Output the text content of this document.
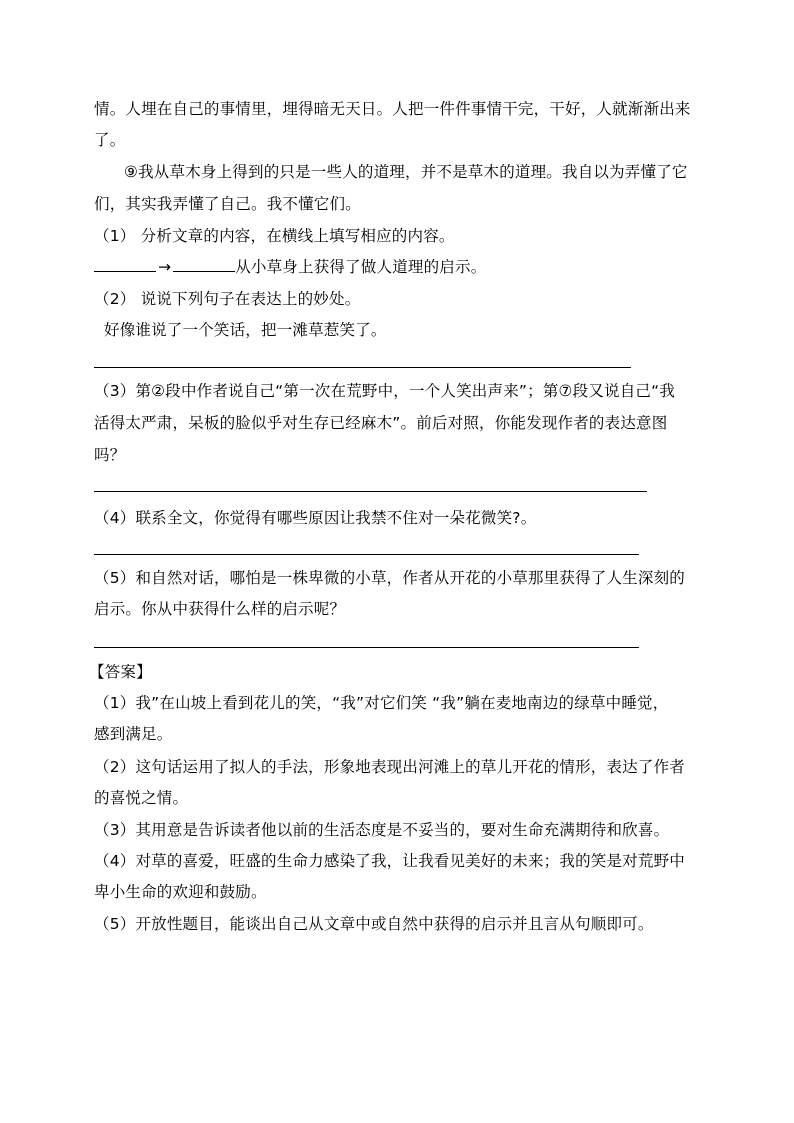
情。人埋在自己的事情里，埋得暗无天日。人把一件件事情干完，干好，人就渐渐出来
了。
⑨我从草木身上得到的只是一些人的道理，并不是草木的道理。我自以为弄懂了它
们，其实我弄懂了自己。我不懂它们。
（1） 分析文章的内容，在横线上填写相应的内容。
→	从小草身上获得了做人道理的启示。
（2） 说说下列句子在表达上的妙处。
好像谁说了一个笑话，把一滩草惹笑了。
（3）第②段中作者说自己“第一次在荒野中，一个人笑出声来”；第⑦段又说自己“我
活得太严肃，呆板的脸似乎对生存已经麻木”。前后对照，你能发现作者的表达意图
吗？
（4）联系全文，你觉得有哪些原因让我禁不住对一朵花微笑?。
（5）和自然对话，哪怕是一株卑微的小草，作者从开花的小草那里获得了人生深刻的
启示。你从中获得什么样的启示呢？
【答案】
（1）我”在山坡上看到花儿的笑，“我”对它们笑 “我”躺在麦地南边的绿草中睡觉，
感到满足。
（2）这句话运用了拟人的手法，形象地表现出河滩上的草儿开花的情形，表达了作者
的喜悦之情。
（3）其用意是告诉读者他以前的生活态度是不妥当的，要对生命充满期待和欣喜。
（4）对草的喜爱，旺盛的生命力感染了我，让我看见美好的未来；我的笑是对荒野中
卑小生命的欢迎和鼓励。
（5）开放性题目，能谈出自己从文章中或自然中获得的启示并且言从句顺即可。
